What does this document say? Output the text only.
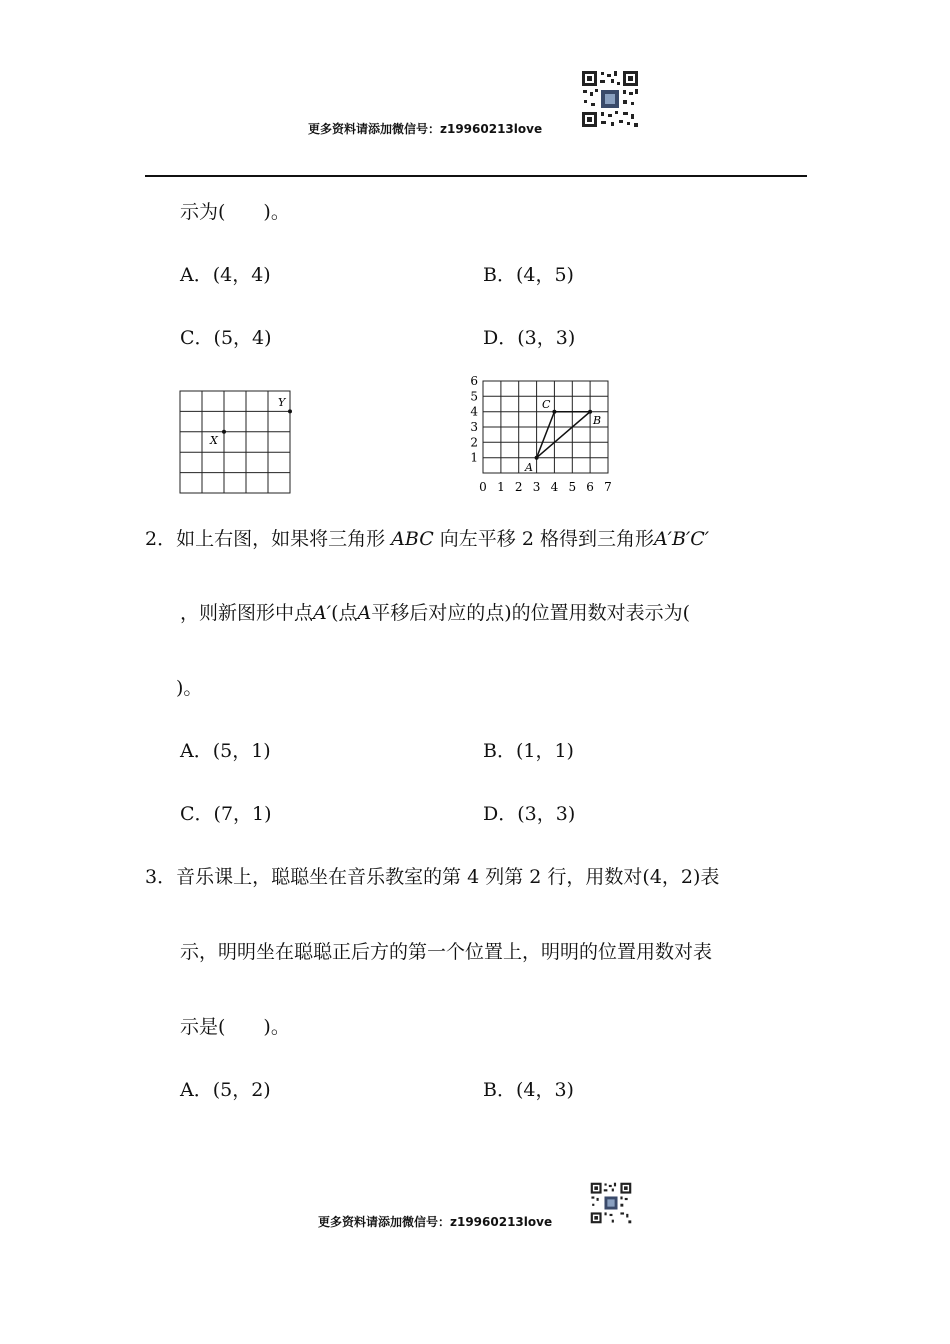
更多资料请添加微信号：z19960213love
示为(　　)。
A．(4，4)	B．(4，5)
C．(5，4)	D．(3，3)
X
Y
6
5
4
3
2
1
0 1 2 3 4 5 6 7
A
B
C
2．如上右图，如果将三角形 ABC 向左平移 2 格得到三角形A′B′C′
，则新图形中点A′(点A平移后对应的点)的位置用数对表示为(
)。
A．(5，1)	B．(1，1)
C．(7，1)	D．(3，3)
3．音乐课上，聪聪坐在音乐教室的第 4 列第 2 行，用数对(4，2)表
示，明明坐在聪聪正后方的第一个位置上，明明的位置用数对表
示是(　　)。
A．(5，2)	B．(4，3)
更多资料请添加微信号：z19960213love
